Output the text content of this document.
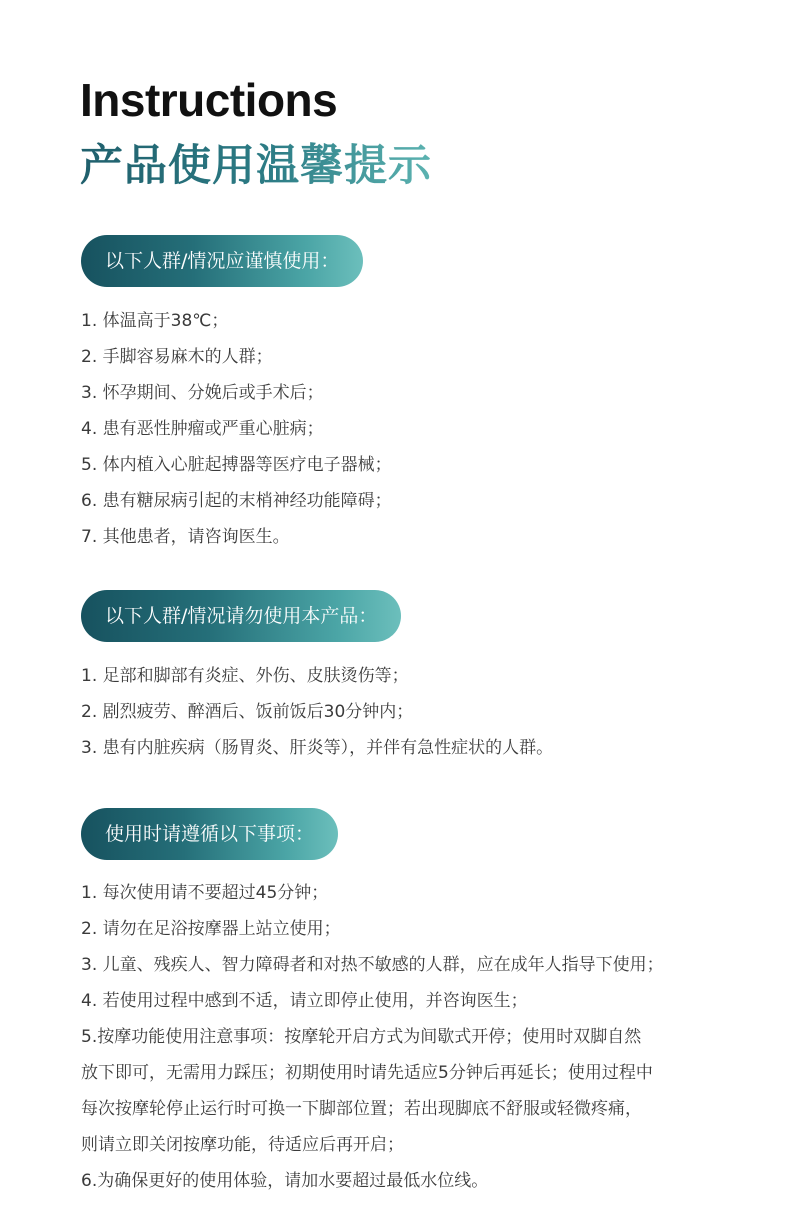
Instructions
产品使用温馨提示
以下人群/情况应谨慎使用：
1. 体温高于38℃；
2. 手脚容易麻木的人群；
3. 怀孕期间、分娩后或手术后；
4. 患有恶性肿瘤或严重心脏病；
5. 体内植入心脏起搏器等医疗电子器械；
6. 患有糖尿病引起的末梢神经功能障碍；
7. 其他患者，请咨询医生。
以下人群/情况请勿使用本产品：
1. 足部和脚部有炎症、外伤、皮肤烫伤等；
2. 剧烈疲劳、醉酒后、饭前饭后30分钟内；
3. 患有内脏疾病（肠胃炎、肝炎等），并伴有急性症状的人群。
使用时请遵循以下事项：
1. 每次使用请不要超过45分钟；
2. 请勿在足浴按摩器上站立使用；
3. 儿童、残疾人、智力障碍者和对热不敏感的人群，应在成年人指导下使用；
4. 若使用过程中感到不适，请立即停止使用，并咨询医生；
5.按摩功能使用注意事项：按摩轮开启方式为间歇式开停；使用时双脚自然
放下即可，无需用力踩压；初期使用时请先适应5分钟后再延长；使用过程中
每次按摩轮停止运行时可换一下脚部位置；若出现脚底不舒服或轻微疼痛，
则请立即关闭按摩功能，待适应后再开启；
6.为确保更好的使用体验，请加水要超过最低水位线。
